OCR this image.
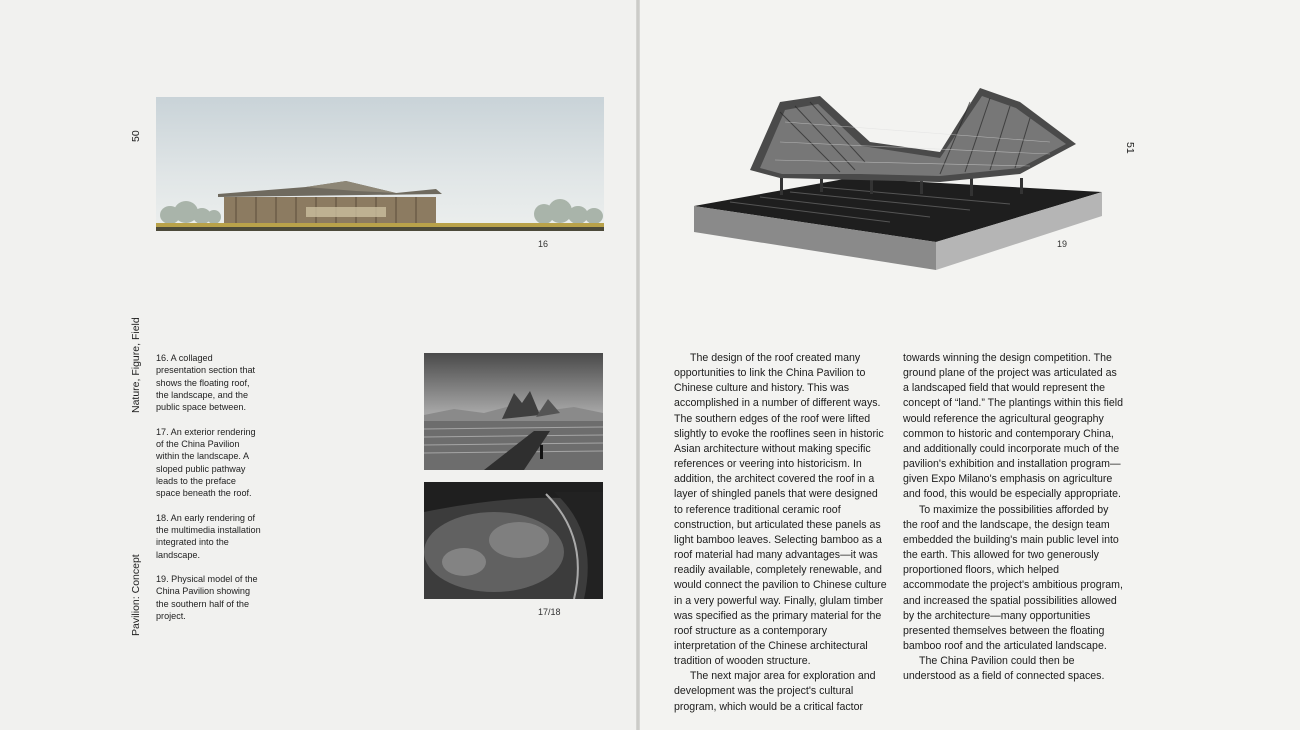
50
Nature, Figure, Field
Pavilion: Concept
16

16. A collaged presentation section that shows the floating roof, the landscape, and the public space between.

17. An exterior rendering of the China Pavilion within the landscape. A sloped public pathway leads to the preface space beneath the roof.

18. An early rendering of the multimedia installation integrated into the landscape.

19. Physical model of the China Pavilion showing the southern half of the project.	17/18
51
19

The design of the roof created many opportunities to link the China Pavilion to Chinese culture and history. This was accomplished in a number of different ways. The southern edges of the roof were lifted slightly to evoke the rooflines seen in historic Asian architecture without making specific references or veering into historicism. In addition, the architect covered the roof in a layer of shingled panels that were designed to reference traditional ceramic roof construction, but articulated these panels as light bamboo leaves. Selecting bamboo as a roof material had many advantages—it was readily available, completely renewable, and would connect the pavilion to Chinese culture in a very powerful way. Finally, glulam timber was specified as the primary material for the roof structure as a contemporary interpretation of the Chinese architectural tradition of wooden structure.

The next major area for exploration and development was the project's cultural program, which would be a critical factor

towards winning the design competition. The ground plane of the project was articulated as a landscaped field that would represent the concept of “land.” The plantings within this field would reference the agricultural geography common to historic and contemporary China, and additionally could incorporate much of the pavilion's exhibition and installation program—given Expo Milano's emphasis on agriculture and food, this would be especially appropriate.

To maximize the possibilities afforded by the roof and the landscape, the design team embedded the building's main public level into the earth. This allowed for two generously proportioned floors, which helped accommodate the project's ambitious program, and increased the spatial possibilities allowed by the architecture—many opportunities presented themselves between the floating bamboo roof and the articulated landscape.

The China Pavilion could then be understood as a field of connected spaces.
